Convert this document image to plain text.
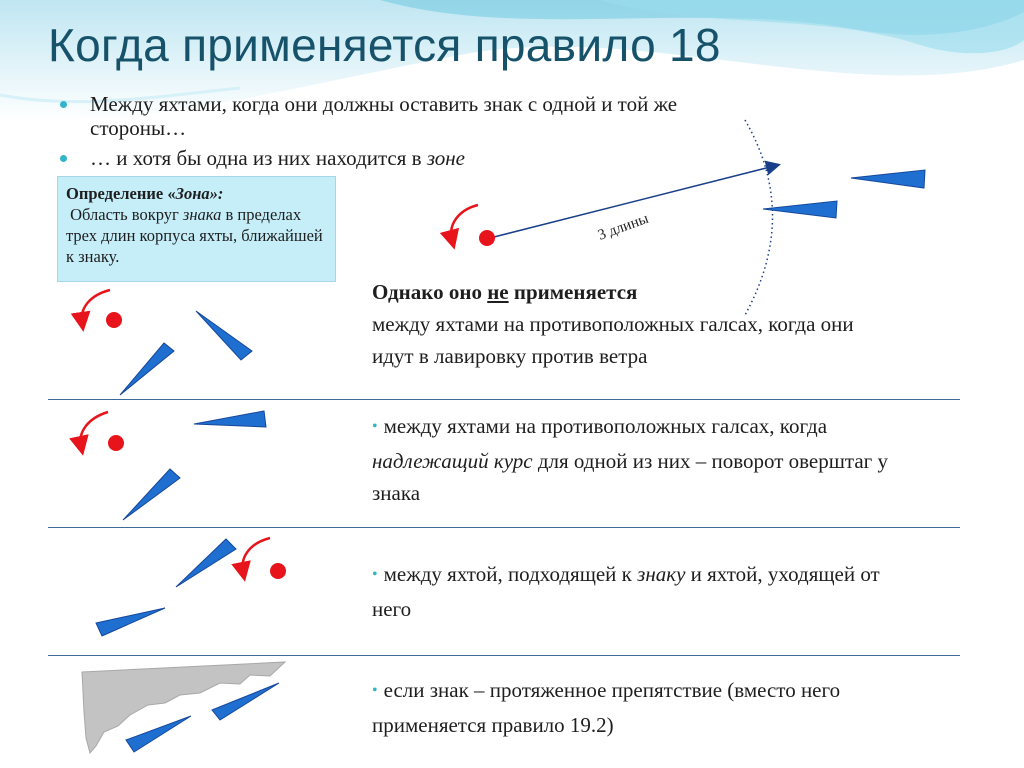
Когда применяется правило 18
Между яхтами, когда они должны оставить знак с одной и той же стороны…
… и хотя бы одна из них находится в зоне
Определение «Зона»:
Область вокруг знака в пределах трех длин корпуса яхты, ближайшей к знаку.
3 длины
Однако оно не применяется
между яхтами на противоположных галсах, когда они идут в лавировку против ветра
• между яхтами на противоположных галсах, когда надлежащий курс для одной из них – поворот оверштаг у знака
• между яхтой, подходящей к знаку и яхтой, уходящей от него
• если знак – протяженное препятствие (вместо него применяется правило 19.2)
